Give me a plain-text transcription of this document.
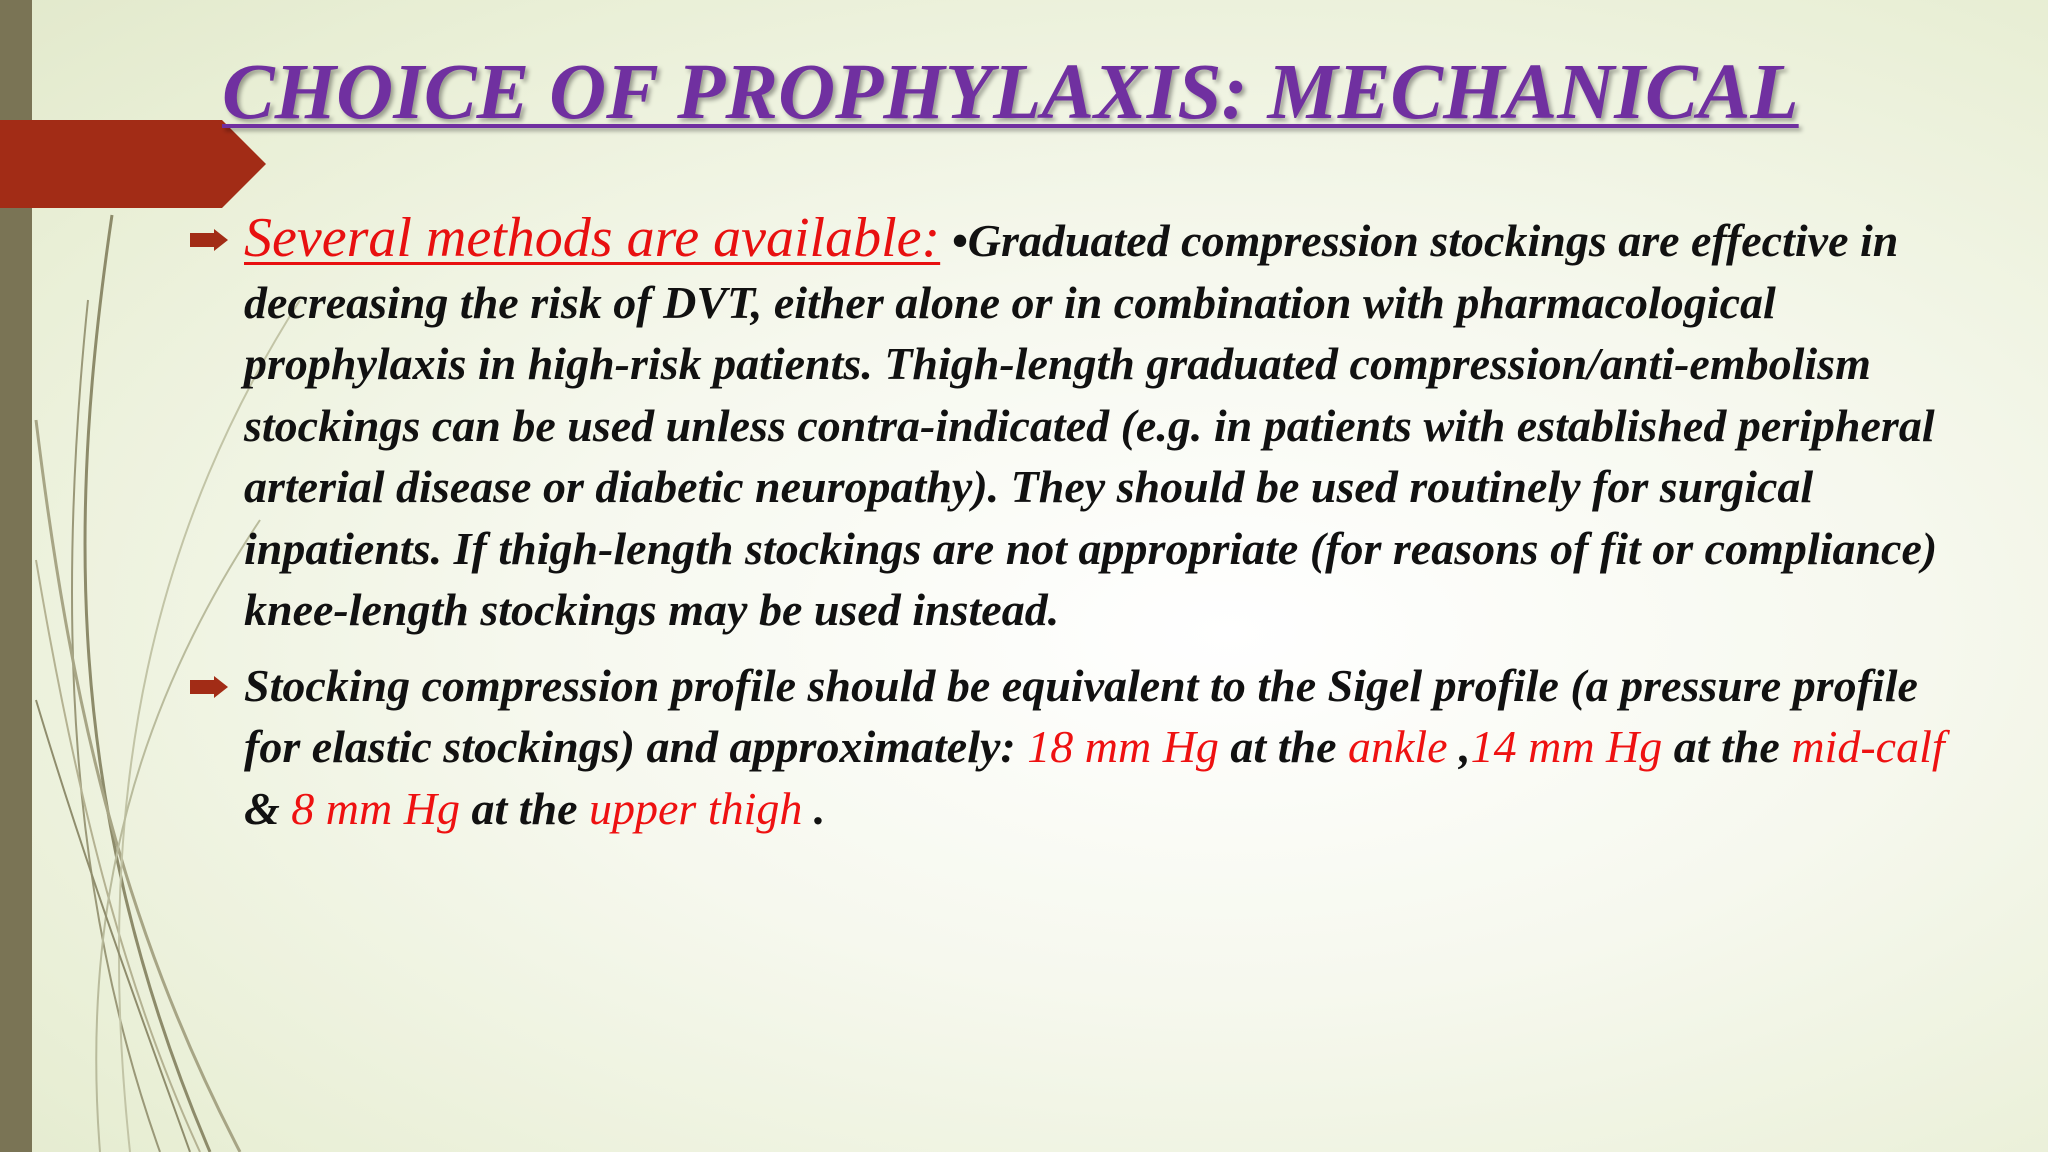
CHOICE OF PROPHYLAXIS: MECHANICAL

Several methods are available: •Graduated compression stockings are effective in decreasing the risk of DVT, either alone or in combination with pharmacological prophylaxis in high-risk patients. Thigh-length graduated compression/anti-embolism stockings can be used unless contra-indicated (e.g. in patients with established peripheral arterial disease or diabetic neuropathy). They should be used routinely for surgical inpatients. If thigh-length stockings are not appropriate (for reasons of fit or compliance) knee-length stockings may be used instead.

Stocking compression profile should be equivalent to the Sigel profile (a pressure profile for elastic stockings) and approximately: 18 mm Hg at the ankle ,14 mm Hg at the mid-calf & 8 mm Hg at the upper thigh .
